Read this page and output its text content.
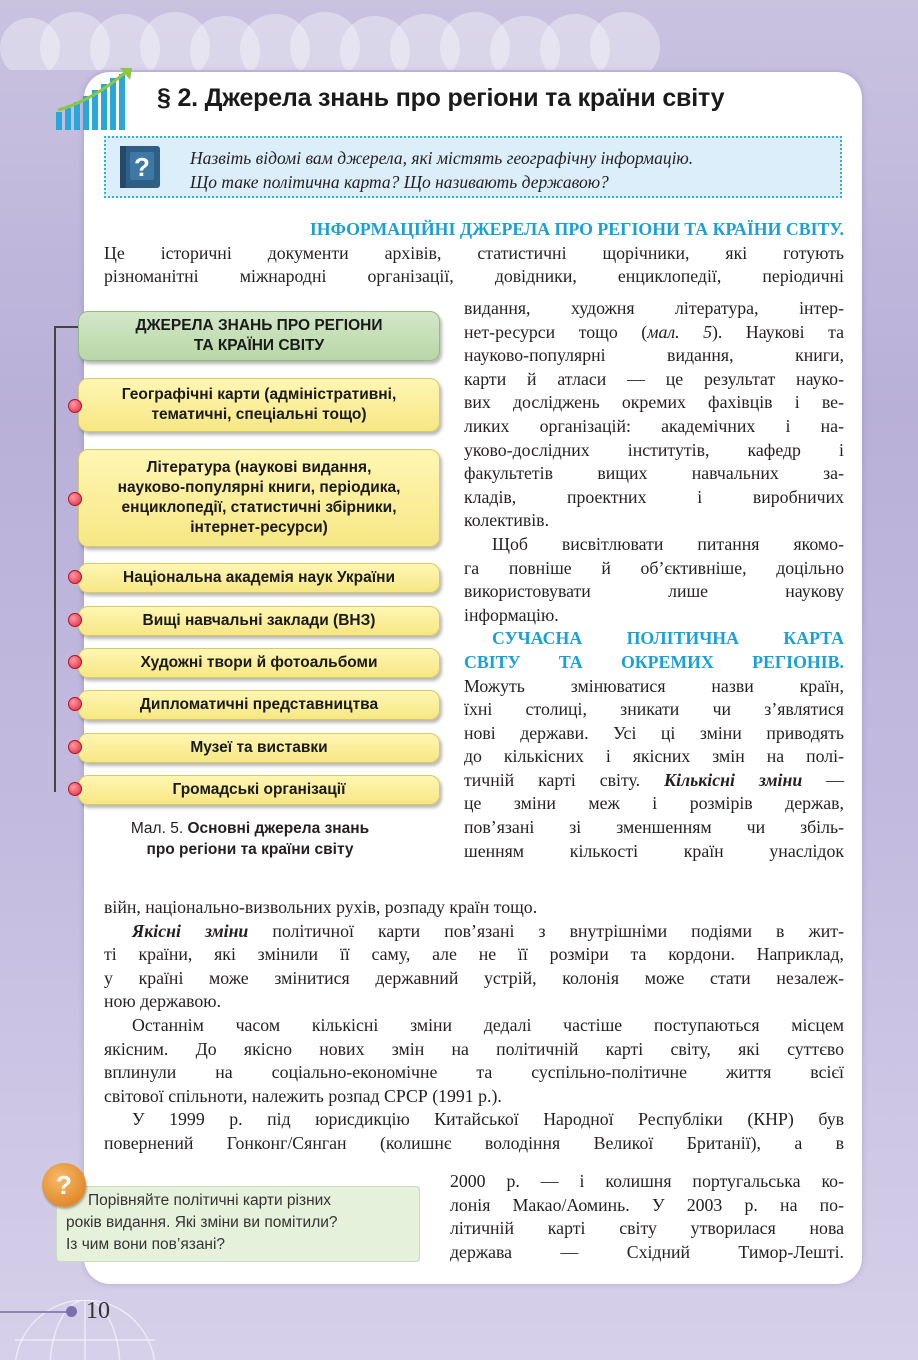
§ 2. Джерела знань про регіони та країни світу
? Назвіть відомі вам джерела, які містять географічну інформацію.
Що таке політична карта? Що називають державою?
ІНФОРМАЦІЙНІ ДЖЕРЕЛА ПРО РЕГІОНИ ТА КРАЇНИ СВІТУ.
Це історичні документи архівів, статистичні щорічники, які готують
різноманітні міжнародні організації, довідники, енциклопедії, періодичні
видання, художня література, інтер-
нет-ресурси тощо (мал. 5). Наукові та
науково-популярні видання, книги,
карти й атласи — це результат науко-
вих досліджень окремих фахівців і ве-
ликих організацій: академічних і на-
уково-дослідних інститутів, кафедр і
факультетів вищих навчальних за-
кладів, проектних і виробничих
колективів.
Щоб висвітлювати питання якомо-
га повніше й об’єктивніше, доцільно
використовувати лише наукову
інформацію.
СУЧАСНА ПОЛІТИЧНА КАРТА
СВІТУ ТА ОКРЕМИХ РЕГІОНІВ.
Можуть змінюватися назви країн,
їхні столиці, зникати чи з’являтися
нові держави. Усі ці зміни приводять
до кількісних і якісних змін на полі-
тичній карті світу. Кількісні зміни —
це зміни меж і розмірів держав,
пов’язані зі зменшенням чи збіль-
шенням кількості країн унаслідок
війн, національно-визвольних рухів, розпаду країн тощо.
Якісні зміни політичної карти пов’язані з внутрішніми подіями в жит-
ті країни, які змінили її саму, але не її розміри та кордони. Наприклад,
у країні може змінитися державний устрій, колонія може стати незалеж-
ною державою.
Останнім часом кількісні зміни дедалі частіше поступаються місцем
якісним. До якісно нових змін на політичній карті світу, які суттєво
вплинули на соціально-економічне та суспільно-політичне життя всієї
світової спільноти, належить розпад СРСР (1991 р.).
У 1999 р. під юрисдикцію Китайської Народної Республіки (КНР) був
повернений Гонконг/Сянган (колишнє володіння Великої Британії), а в
2000 р. — і колишня португальська ко-
лонія Макао/Аоминь. У 2003 р. на по-
літичній карті світу утворилася нова
держава — Східний Тимор-Лешті.
ДЖЕРЕЛА ЗНАНЬ ПРО РЕГІОНИ
ТА КРАЇНИ СВІТУ
Географічні карти (адміністративні,
тематичні, спеціальні тощо)
Література (наукові видання,
науково-популярні книги, періодика,
енциклопедії, статистичні збірники,
інтернет-ресурси)
Національна академія наук України
Вищі навчальні заклади (ВНЗ)
Художні твори й фотоальбоми
Дипломатичні представництва
Музеї та виставки
Громадські організації
Мал. 5. Основні джерела знань
про регіони та країни світу
?
Порівняйте політичні карти різних
років видання. Які зміни ви помітили?
Із чим вони пов’язані?
10
